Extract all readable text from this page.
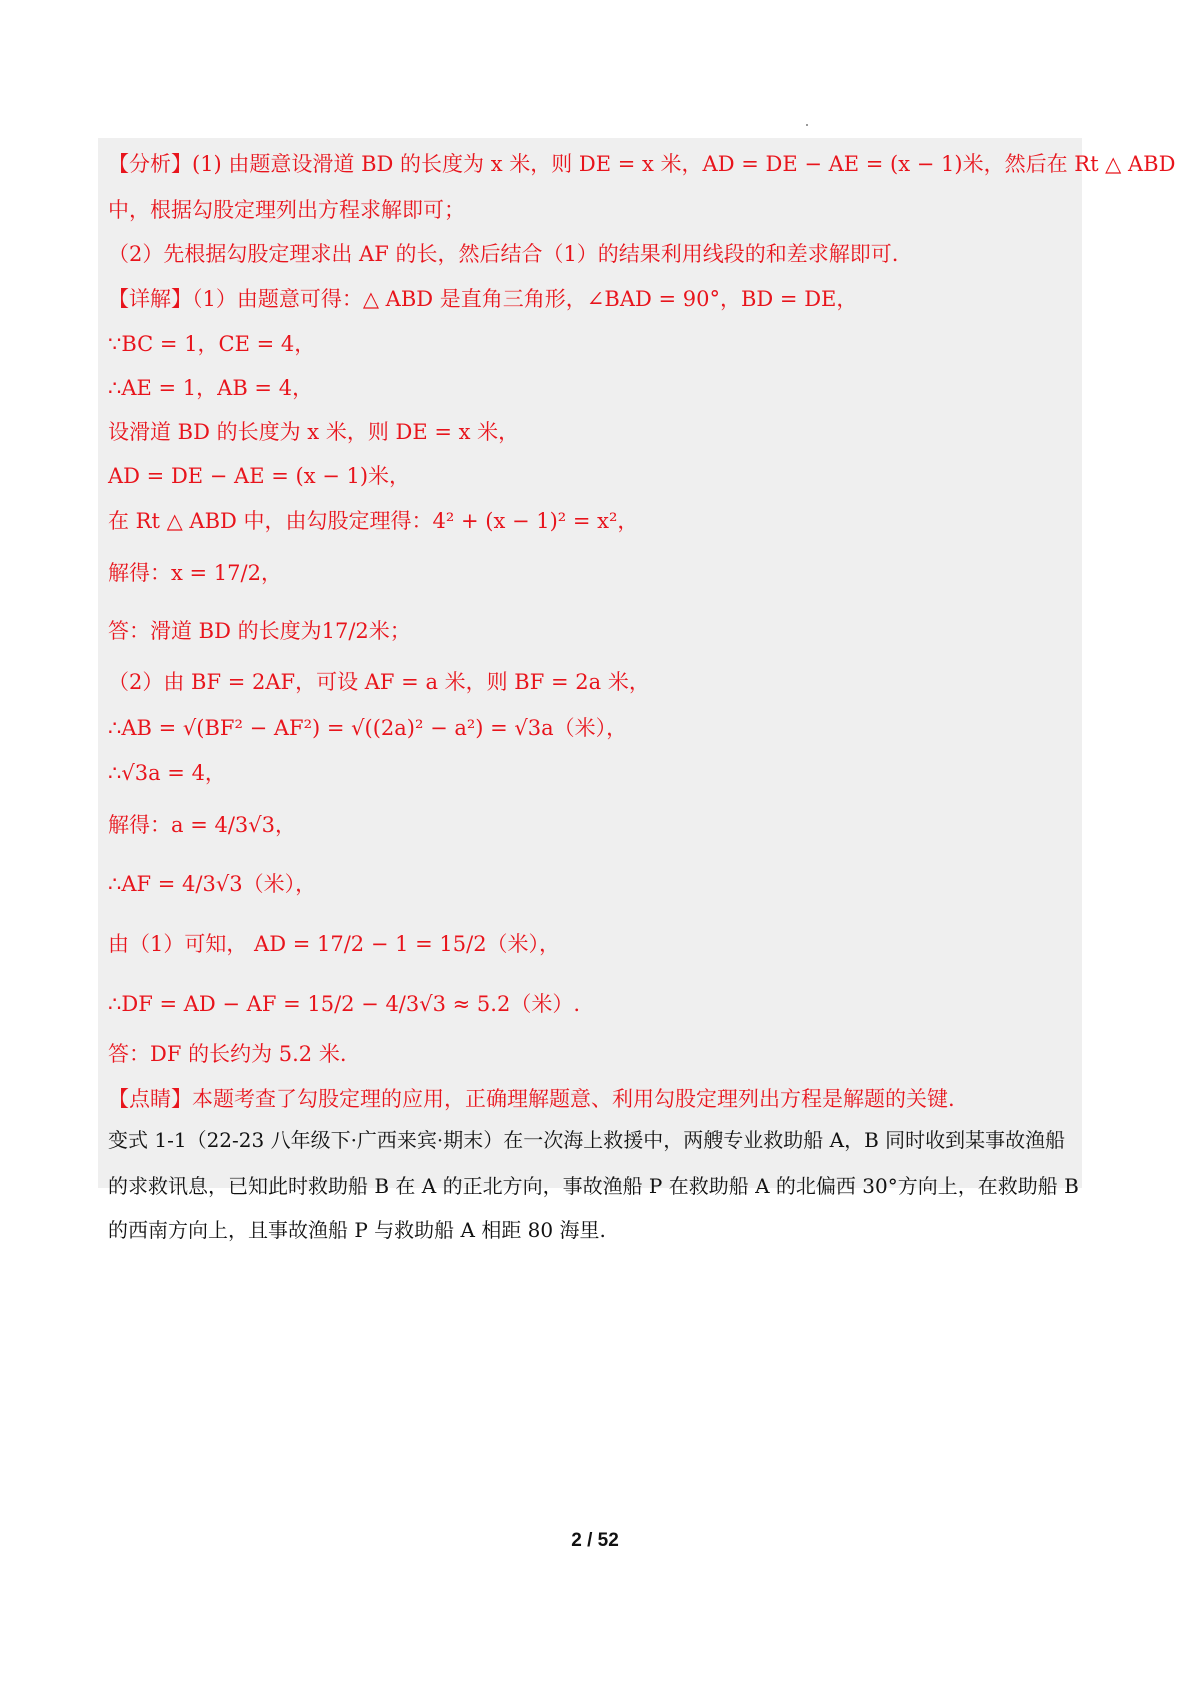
【分析】(1) 由题意设滑道 BD 的长度为 x 米，则 DE = x 米，AD = DE − AE = (x − 1)米，然后在 Rt △ ABD
中，根据勾股定理列出方程求解即可；
（2）先根据勾股定理求出 AF 的长，然后结合（1）的结果利用线段的和差求解即可.
【详解】（1）由题意可得：△ ABD 是直角三角形，∠BAD = 90°，BD = DE，
∵BC = 1，CE = 4，
∴AE = 1，AB = 4，
设滑道 BD 的长度为 x 米，则 DE = x 米，
AD = DE − AE = (x − 1)米，
在 Rt △ ABD 中，由勾股定理得：4² + (x − 1)² = x²，
解得：x = 17/2，
答：滑道 BD 的长度为17/2米；
（2）由 BF = 2AF，可设 AF = a 米，则 BF = 2a 米，
∴AB = √(BF² − AF²) = √((2a)² − a²) = √3a（米），
∴√3a = 4，
解得：a = 4/3√3，
∴AF = 4/3√3（米），
由（1）可知， AD = 17/2 − 1 = 15/2（米），
∴DF = AD − AF = 15/2 − 4/3√3 ≈ 5.2（米）.
答：DF 的长约为 5.2 米.
【点睛】本题考查了勾股定理的应用，正确理解题意、利用勾股定理列出方程是解题的关键.
变式 1-1（22-23 八年级下·广西来宾·期末）在一次海上救援中，两艘专业救助船 A，B 同时收到某事故渔船
的求救讯息，已知此时救助船 B 在 A 的正北方向，事故渔船 P 在救助船 A 的北偏西 30°方向上，在救助船 B
的西南方向上，且事故渔船 P 与救助船 A 相距 80 海里.
2 / 52
